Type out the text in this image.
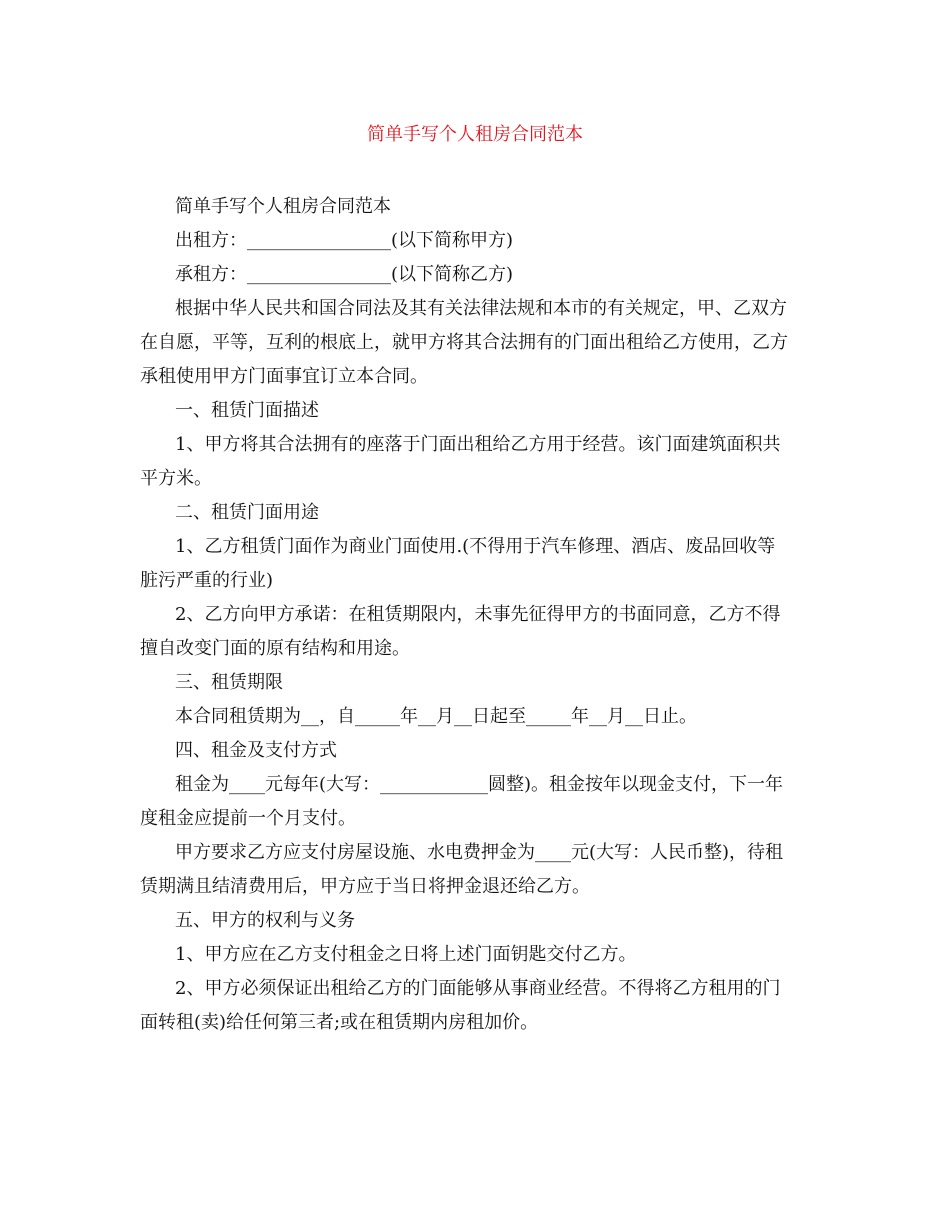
简单手写个人租房合同范本

简单手写个人租房合同范本

出租方：________________(以下简称甲方)

承租方：________________(以下简称乙方)

根据中华人民共和国合同法及其有关法律法规和本市的有关规定，甲、乙双方
在自愿，平等，互利的根底上，就甲方将其合法拥有的门面出租给乙方使用，乙方
承租使用甲方门面事宜订立本合同。

一、租赁门面描述

1、甲方将其合法拥有的座落于门面出租给乙方用于经营。该门面建筑面积共
平方米。

二、租赁门面用途

1、乙方租赁门面作为商业门面使用.(不得用于汽车修理、酒店、废品回收等
脏污严重的行业)

2、乙方向甲方承诺：在租赁期限内，未事先征得甲方的书面同意，乙方不得
擅自改变门面的原有结构和用途。

三、租赁期限

本合同租赁期为__，自_____年__月__日起至_____年__月__日止。

四、租金及支付方式

租金为____元每年(大写：____________圆整)。租金按年以现金支付，下一年
度租金应提前一个月支付。

甲方要求乙方应支付房屋设施、水电费押金为____元(大写：人民币整)，待租
赁期满且结清费用后，甲方应于当日将押金退还给乙方。

五、甲方的权利与义务

1、甲方应在乙方支付租金之日将上述门面钥匙交付乙方。

2、甲方必须保证出租给乙方的门面能够从事商业经营。不得将乙方租用的门
面转租(卖)给任何第三者;或在租赁期内房租加价。
